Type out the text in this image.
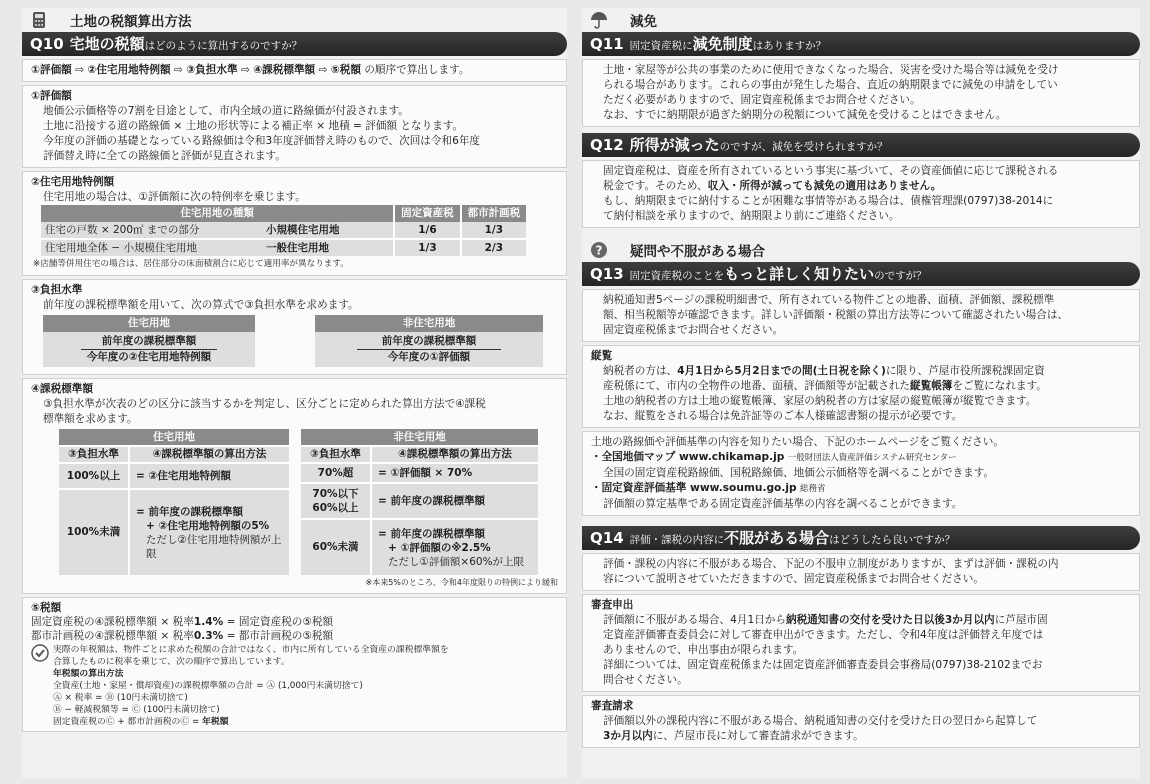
土地の税額算出方法
Q10 宅地の税額 はどのように算出するのですか？
①評価額 ⇨ ②住宅用地特例額 ⇨ ③負担水準 ⇨ ④課税標準額 ⇨ ⑤税額 の順序で算出します。
①評価額
地価公示価格等の7割を目途として、市内全域の道に路線価が付設されます。
土地に沿接する道の路線価 × 土地の形状等による補正率 × 地積 = 評価額 となります。
今年度の評価の基礎となっている路線価は令和3年度評価替え時のもので、次回は令和6年度
評価替え時に全ての路線価と評価が見直されます。
②住宅用地特例額
住宅用地の場合は、①評価額に次の特例率を乗じます。
住宅用地の種類		固定資産税	都市計画税
住宅の戸数 × 200㎡ までの部分	小規模住宅用地	1/6	1/3
住宅用地全体 − 小規模住宅用地	一般住宅用地	1/3	2/3
※店舗等併用住宅の場合は、居住部分の床面積割合に応じて適用率が異なります。
③負担水準
前年度の課税標準額を用いて、次の算式で③負担水準を求めます。
住宅用地
前年度の課税標準額
今年度の②住宅用地特例額
非住宅用地
前年度の課税標準額
今年度の①評価額
④課税標準額
③負担水準が次表のどの区分に該当するかを判定し、区分ごとに定められた算出方法で④課税
標準額を求めます。
住宅用地	
③負担水準	④課税標準額の算出方法
100%以上	= ②住宅用地特例額
100%未満	= 前年度の課税標準額
+ ②住宅用地特例額の5%
ただし②住宅用地特例額が上限
非住宅用地	
③負担水準	④課税標準額の算出方法
70%超	= ①評価額 × 70%

70%以下
60%以上	= 前年度の課税標準額
60%未満	= 前年度の課税標準額
+ ①評価額の※2.5%
ただし①評価額×60%が上限
※本来5%のところ、令和4年度限りの特例により緩和
⑤税額
固定資産税の④課税標準額 × 税率1.4% = 固定資産税の⑤税額
都市計画税の④課税標準額 × 税率0.3% = 都市計画税の⑤税額
実際の年税額は、物件ごとに求めた税額の合計ではなく、市内に所有している全資産の課税標準額を
合算したものに税率を乗じて、次の順序で算出しています。
年税額の算出方法
全資産(土地・家屋・償却資産)の課税標準額の合計 = Ⓐ (1,000円未満切捨て)
Ⓐ × 税率 = Ⓑ (10円未満切捨て)
Ⓑ − 軽減税額等 = Ⓒ (100円未満切捨て)
固定資産税のⒸ + 都市計画税のⒸ = 年税額
減免
Q11 固定資産税に 減免制度 はありますか？
土地・家屋等が公共の事業のために使用できなくなった場合、災害を受けた場合等は減免を受け
られる場合があります。これらの事由が発生した場合、直近の納期限までに減免の申請をしてい
ただく必要がありますので、固定資産税係までお問合せください。
なお、すでに納期限が過ぎた納期分の税額について減免を受けることはできません。
Q12 所得が減った のですが、減免を受けられますか？
固定資産税は、資産を所有されているという事実に基づいて、その資産価値に応じて課税される
税金です。そのため、収入・所得が減っても減免の適用はありません。
もし、納期限までに納付することが困難な事情等がある場合は、債権管理課(0797)38-2014に
て納付相談を承りますので、納期限より前にご連絡ください。
? 疑問や不服がある場合
Q13 固定資産税のことを もっと詳しく知りたい のですが？
納税通知書5ページの課税明細書で、所有されている物件ごとの地番、面積、評価額、課税標準
額、相当税額等が確認できます。詳しい評価額・税額の算出方法等について確認されたい場合は、
固定資産税係までお問合せください。
縦覧
納税者の方は、4月1日から5月2日までの間(土日祝を除く)に限り、芦屋市役所課税課固定資
産税係にて、市内の全物件の地番、面積、評価額等が記載された縦覧帳簿をご覧になれます。
土地の納税者の方は土地の縦覧帳簿、家屋の納税者の方は家屋の縦覧帳簿が縦覧できます。
なお、縦覧をされる場合は免許証等のご本人様確認書類の提示が必要です。
土地の路線価や評価基準の内容を知りたい場合、下記のホームページをご覧ください。
・全国地価マップ www.chikamap.jp 一般財団法人資産評価システム研究センター
全国の固定資産税路線価、国税路線価、地価公示価格等を調べることができます。
・固定資産評価基準 www.soumu.go.jp 総務省
評価額の算定基準である固定資産評価基準の内容を調べることができます。
Q14 評価・課税の内容に 不服がある場合 はどうしたら良いですか？
評価・課税の内容に不服がある場合、下記の不服申立制度がありますが、まずは評価・課税の内
容について説明させていただきますので、固定資産税係までお問合せください。
審査申出
評価額に不服がある場合、4月1日から納税通知書の交付を受けた日以後3か月以内に芦屋市固
定資産評価審査委員会に対して審査申出ができます。ただし、令和4年度は評価替え年度では
ありませんので、申出事由が限られます。
詳細については、固定資産税係または固定資産評価審査委員会事務局(0797)38-2102までお
問合せください。
審査請求
評価額以外の課税内容に不服がある場合、納税通知書の交付を受けた日の翌日から起算して
3か月以内に、芦屋市長に対して審査請求ができます。
